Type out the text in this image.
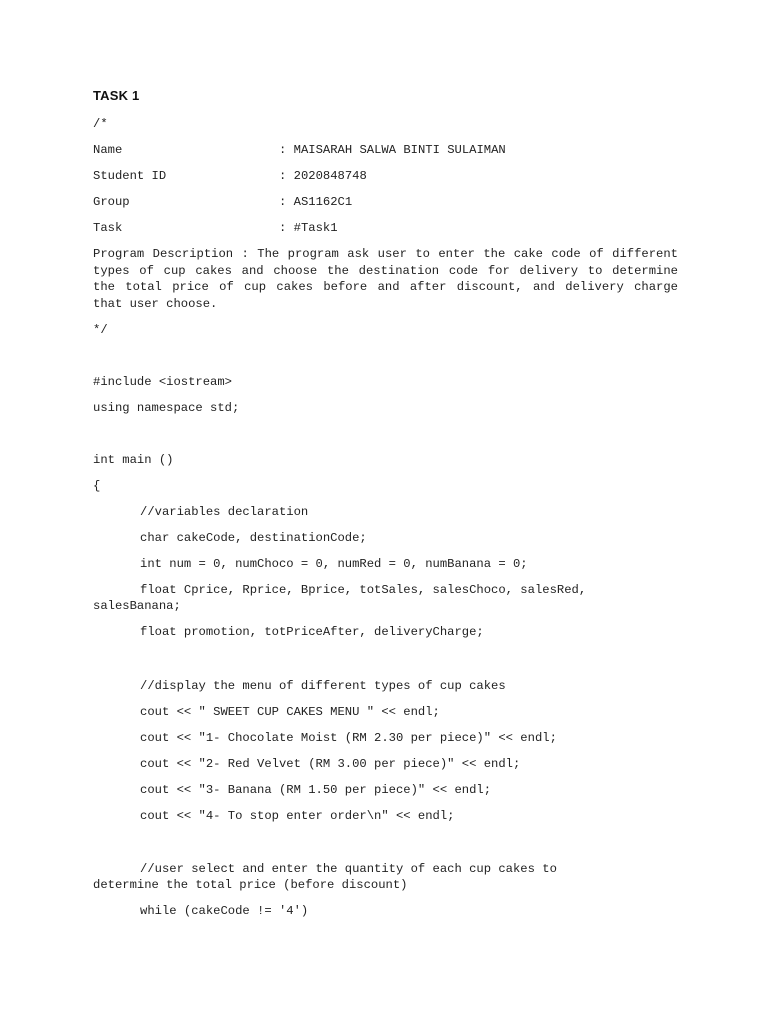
TASK 1
/*
Name	: MAISARAH SALWA BINTI SULAIMAN
Student ID	: 2020848748
Group	: AS1162C1
Task	: #Task1
Program Description : The program ask user to enter the cake code of different types of cup cakes and choose the destination code for delivery to determine the total price of cup cakes before and after discount, and delivery charge that user choose.
*/
#include <iostream>
using namespace std;
int main ()
{
//variables declaration
char cakeCode, destinationCode;
int num = 0, numChoco = 0, numRed = 0, numBanana = 0;
float Cprice, Rprice, Bprice, totSales, salesChoco, salesRed,
salesBanana;
float promotion, totPriceAfter, deliveryCharge;
//display the menu of different types of cup cakes
cout << " SWEET CUP CAKES MENU " << endl;
cout << "1- Chocolate Moist (RM 2.30 per piece)" << endl;
cout << "2- Red Velvet (RM 3.00 per piece)" << endl;
cout << "3- Banana (RM 1.50 per piece)" << endl;
cout << "4- To stop enter order\n" << endl;
//user select and enter the quantity of each cup cakes to
determine the total price (before discount)
while (cakeCode != '4')
